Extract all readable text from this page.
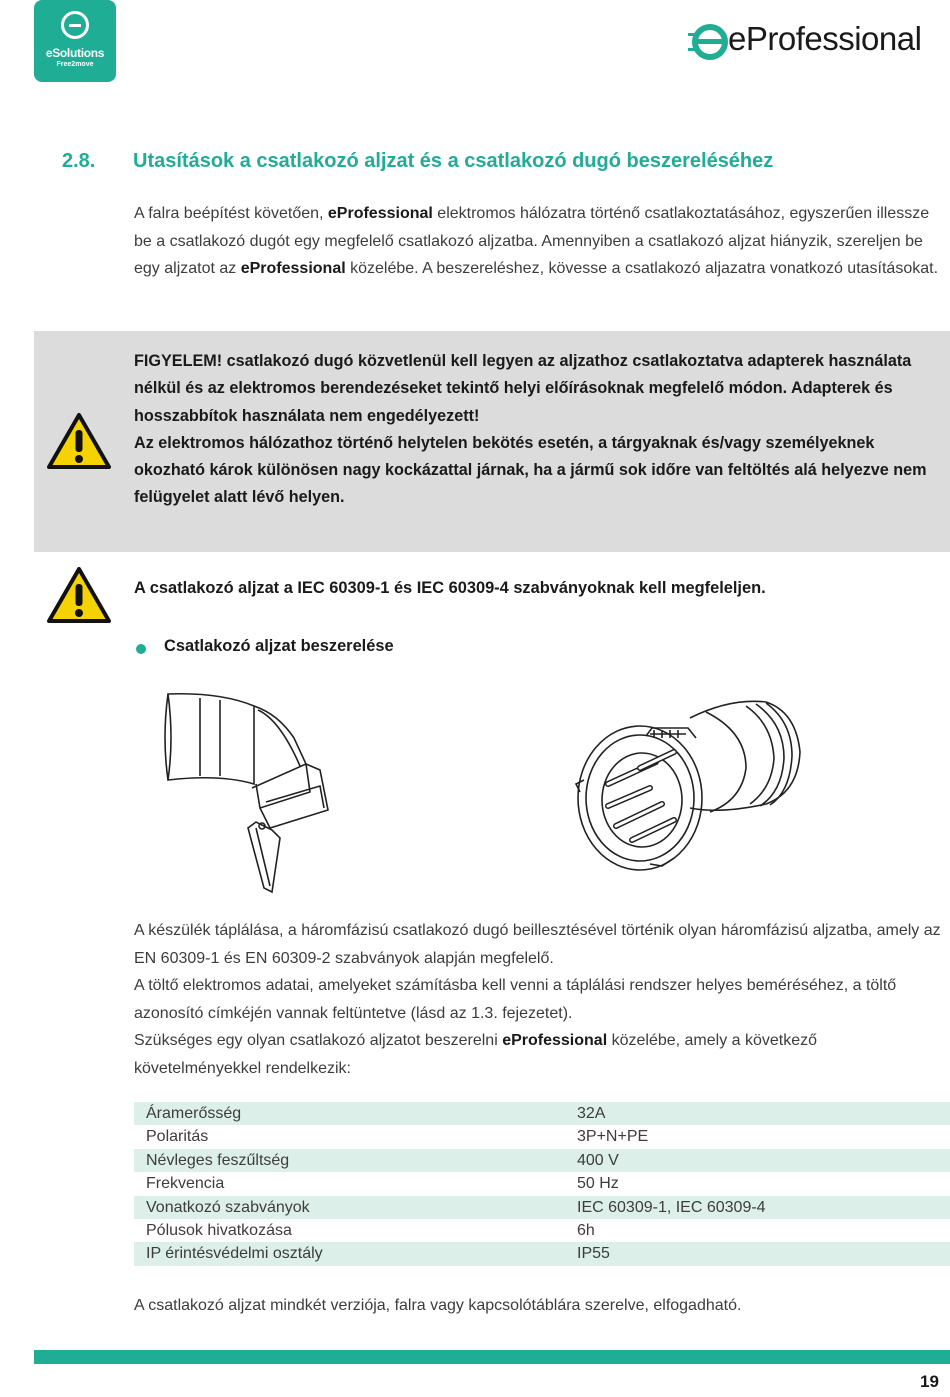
eSolutions
Free2move
eProfessional
2.8. Utasítások a csatlakozó aljzat és a csatlakozó dugó beszereléséhez
A falra beépítést követően, eProfessional elektromos hálózatra történő csatlakoztatásához, egyszerűen illessze be a csatlakozó dugót egy megfelelő csatlakozó aljzatba. Amennyiben a csatlakozó aljzat hiányzik, szereljen be egy aljzatot az eProfessional közelébe. A beszereléshez, kövesse a csatlakozó aljazatra vonatkozó utasításokat.
FIGYELEM! csatlakozó dugó közvetlenül kell legyen az aljzathoz csatlakoztatva adapterek használata nélkül és az elektromos berendezéseket tekintő helyi előírásoknak megfelelő módon. Adapterek és hosszabbítok használata nem engedélyezett!
Az elektromos hálózathoz történő helytelen bekötés esetén, a tárgyaknak és/vagy személyeknek okozható károk különösen nagy kockázattal járnak, ha a jármű sok időre van feltöltés alá helyezve nem felügyelet alatt lévő helyen.
A csatlakozó aljzat a IEC 60309-1 és IEC 60309-4 szabványoknak kell megfeleljen.
Csatlakozó aljzat beszerelése
A készülék táplálása, a háromfázisú csatlakozó dugó beillesztésével történik olyan háromfázisú aljzatba, amely az EN 60309-1 és EN 60309-2 szabványok alapján megfelelő.
A töltő elektromos adatai, amelyeket számításba kell venni a táplálási rendszer helyes beméréséhez, a töltő azonosító címkéjén vannak feltüntetve (lásd az 1.3. fejezetet).
Szükséges egy olyan csatlakozó aljzatot beszerelni eProfessional közelébe, amely a következő követelményekkel rendelkezik:
Áramerősség	32A
Polaritás	3P+N+PE
Névleges feszűltség	400 V
Frekvencia	50 Hz
Vonatkozó szabványok	IEC 60309-1, IEC 60309-4
Pólusok hivatkozása	6h
IP érintésvédelmi osztály	IP55
A csatlakozó aljzat mindkét verziója, falra vagy kapcsolótáblára szerelve, elfogadható.
19
